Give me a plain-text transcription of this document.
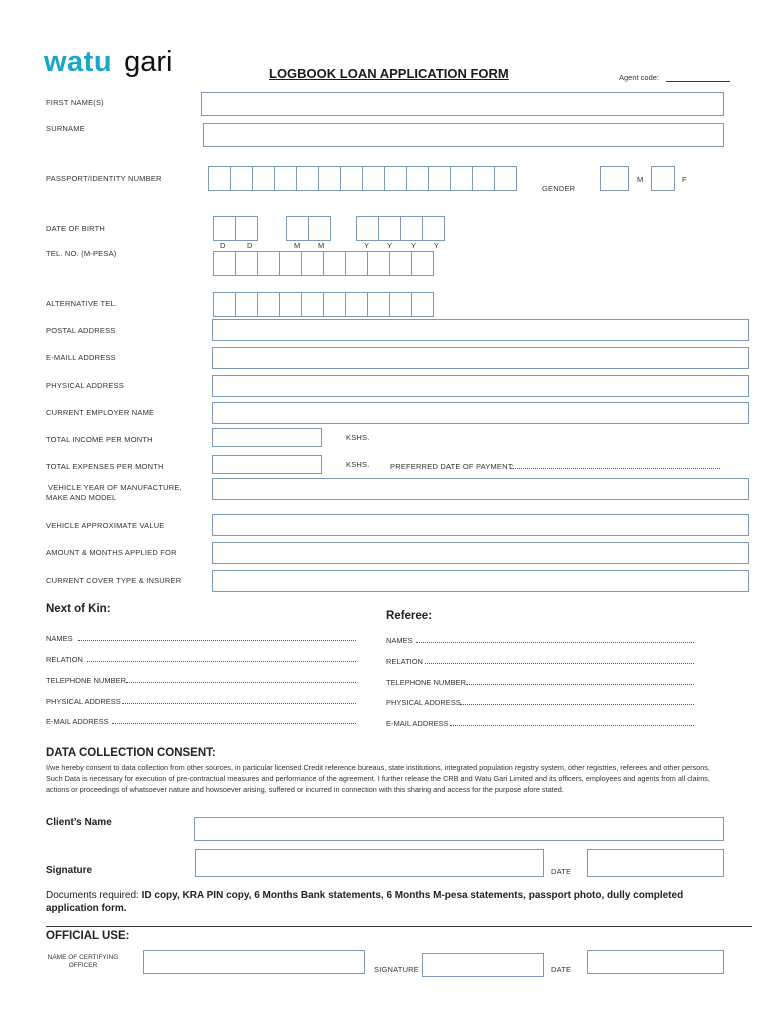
watu gari	LOGBOOK LOAN APPLICATION FORM	Agent code:
FIRST NAME(S)
SURNAME
PASSPORT/IDENTITY NUMBER
GENDER
M	F
DATE OF BIRTH
D	D	M M	Y Y	Y Y
TEL. NO. (M-PESA)
ALTERNATIVE TEL.
POSTAL ADDRESS
E-MAILL ADDRESS
PHYSICAL ADDRESS
CURRENT EMPLOYER NAME
TOTAL INCOME PER MONTH	KSHS.
TOTAL EXPENSES PER MONTH	KSHS.	PREFERRED DATE OF PAYMENT:
VEHICLE YEAR OF MANUFACTURE,
MAKE AND MODEL
VEHICLE APPROXIMATE VALUE
AMOUNT & MONTHS APPLIED FOR
CURRENT COVER TYPE & INSURER
Next of Kin:
NAMES
RELATION
TELEPHONE NUMBER
PHYSICAL ADDRESS
E-MAIL ADDRESS
Referee:
NAMES
RELATION
TELEPHONE NUMBER
PHYSICAL ADDRESS
E-MAIL ADDRESS
DATA COLLECTION CONSENT:
I/we hereby consent to data collection from other sources, in particular licensed Credit reference bureaus, state institutions, integrated population registry system, other registries, referees and other persons, Such Data is necessary for execution of pre-contractual measures and performance of the agreement. I further release the CRB and Watu Gari Limited and its officers, employees and agents from all claims, actions or proceedings of whatsoever nature and howsoever arising, suffered or incurred in connection with this sharing and access for the purpose afore stated.
Client’s Name
Signature	DATE
Documents required: ID copy, KRA PIN copy, 6 Months Bank statements, 6 Months M-pesa statements, passport photo, dully completed application form.
OFFICIAL USE:
NAME OF CERTIFYING
OFFICER	SIGNATURE	DATE
